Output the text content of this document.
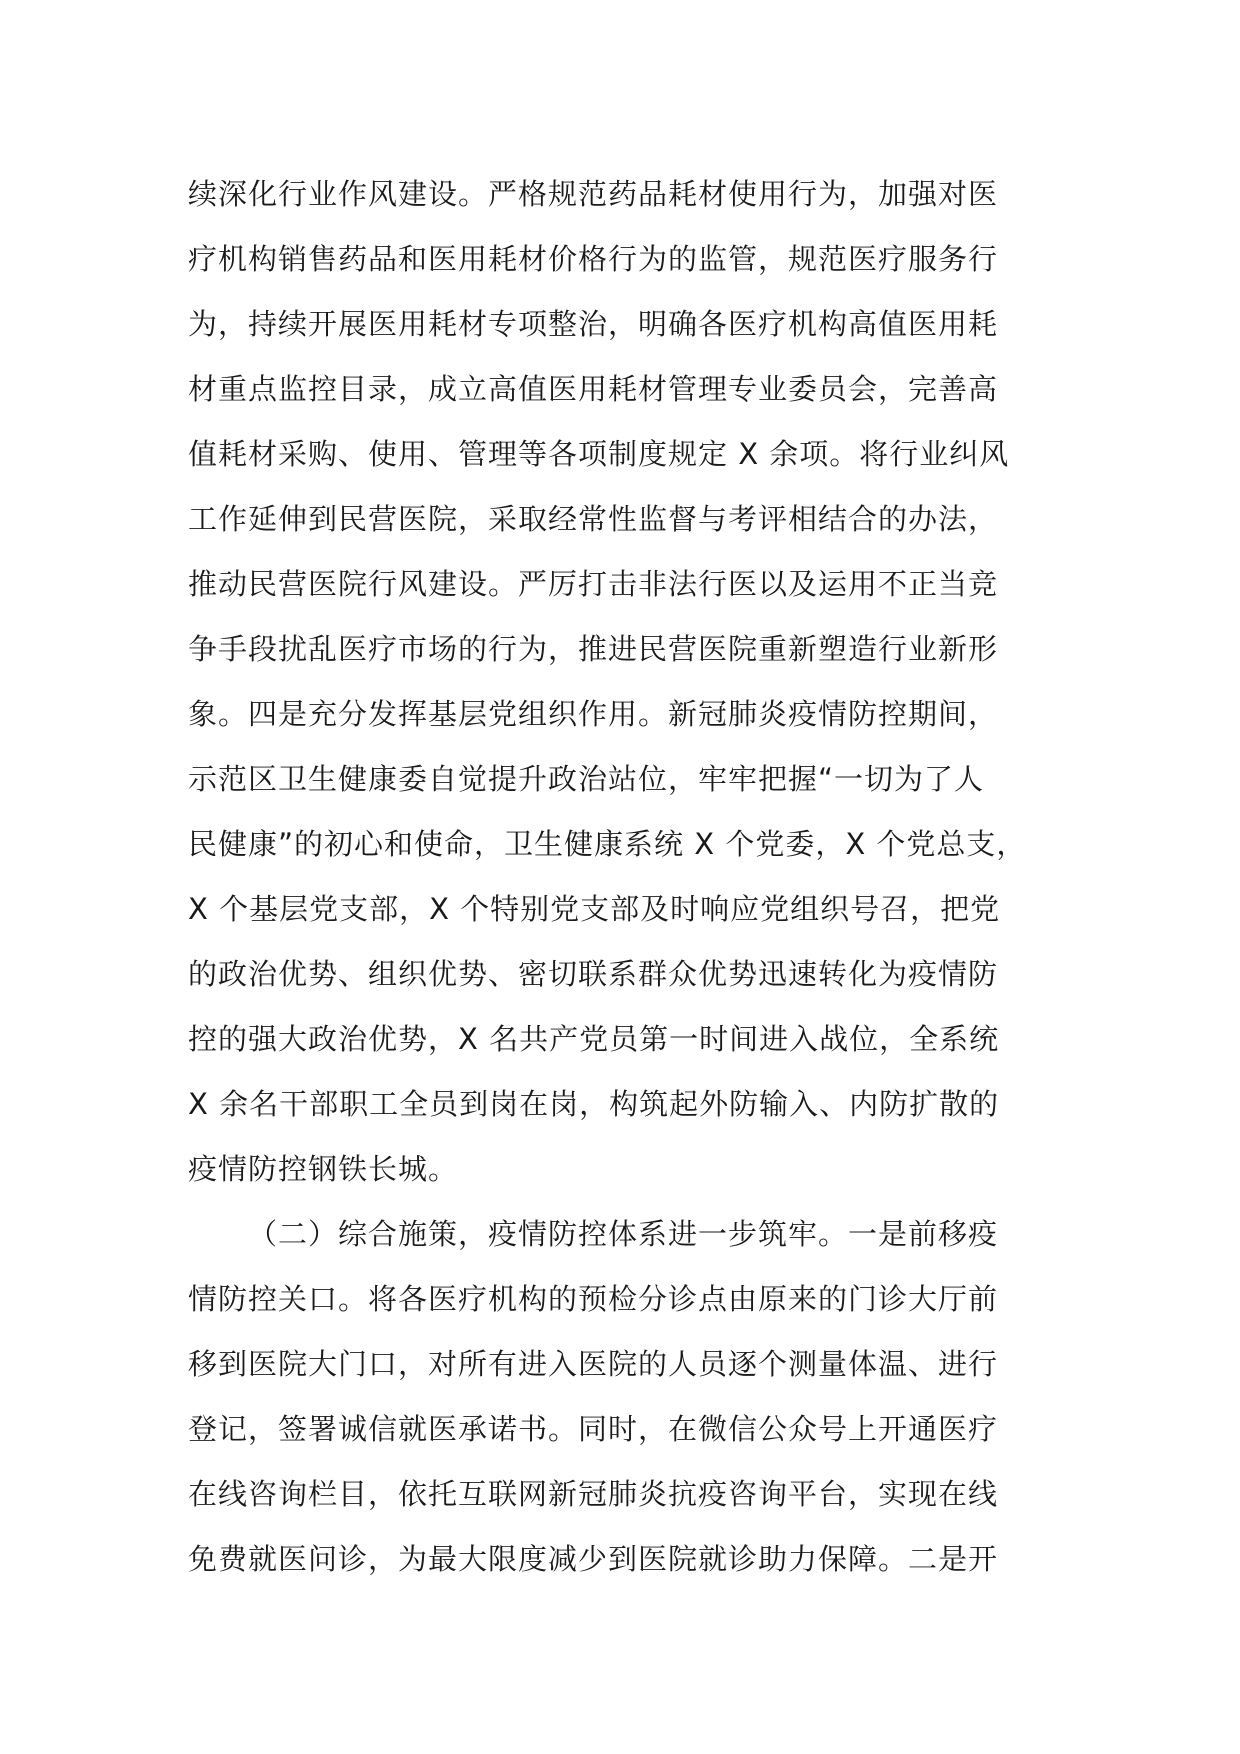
续深化行业作风建设。严格规范药品耗材使用行为，加强对医
疗机构销售药品和医用耗材价格行为的监管，规范医疗服务行
为，持续开展医用耗材专项整治，明确各医疗机构高值医用耗
材重点监控目录，成立高值医用耗材管理专业委员会，完善高
值耗材采购、使用、管理等各项制度规定 X 余项。将行业纠风
工作延伸到民营医院，采取经常性监督与考评相结合的办法，
推动民营医院行风建设。严厉打击非法行医以及运用不正当竞
争手段扰乱医疗市场的行为，推进民营医院重新塑造行业新形
象。四是充分发挥基层党组织作用。新冠肺炎疫情防控期间，
示范区卫生健康委自觉提升政治站位，牢牢把握“一切为了人
民健康”的初心和使命，卫生健康系统 X 个党委，X 个党总支，
X 个基层党支部，X 个特别党支部及时响应党组织号召，把党
的政治优势、组织优势、密切联系群众优势迅速转化为疫情防
控的强大政治优势，X 名共产党员第一时间进入战位，全系统
X 余名干部职工全员到岗在岗，构筑起外防输入、内防扩散的
疫情防控钢铁长城。
（二）综合施策，疫情防控体系进一步筑牢。一是前移疫
情防控关口。将各医疗机构的预检分诊点由原来的门诊大厅前
移到医院大门口，对所有进入医院的人员逐个测量体温、进行
登记，签署诚信就医承诺书。同时，在微信公众号上开通医疗
在线咨询栏目，依托互联网新冠肺炎抗疫咨询平台，实现在线
免费就医问诊，为最大限度减少到医院就诊助力保障。二是开
